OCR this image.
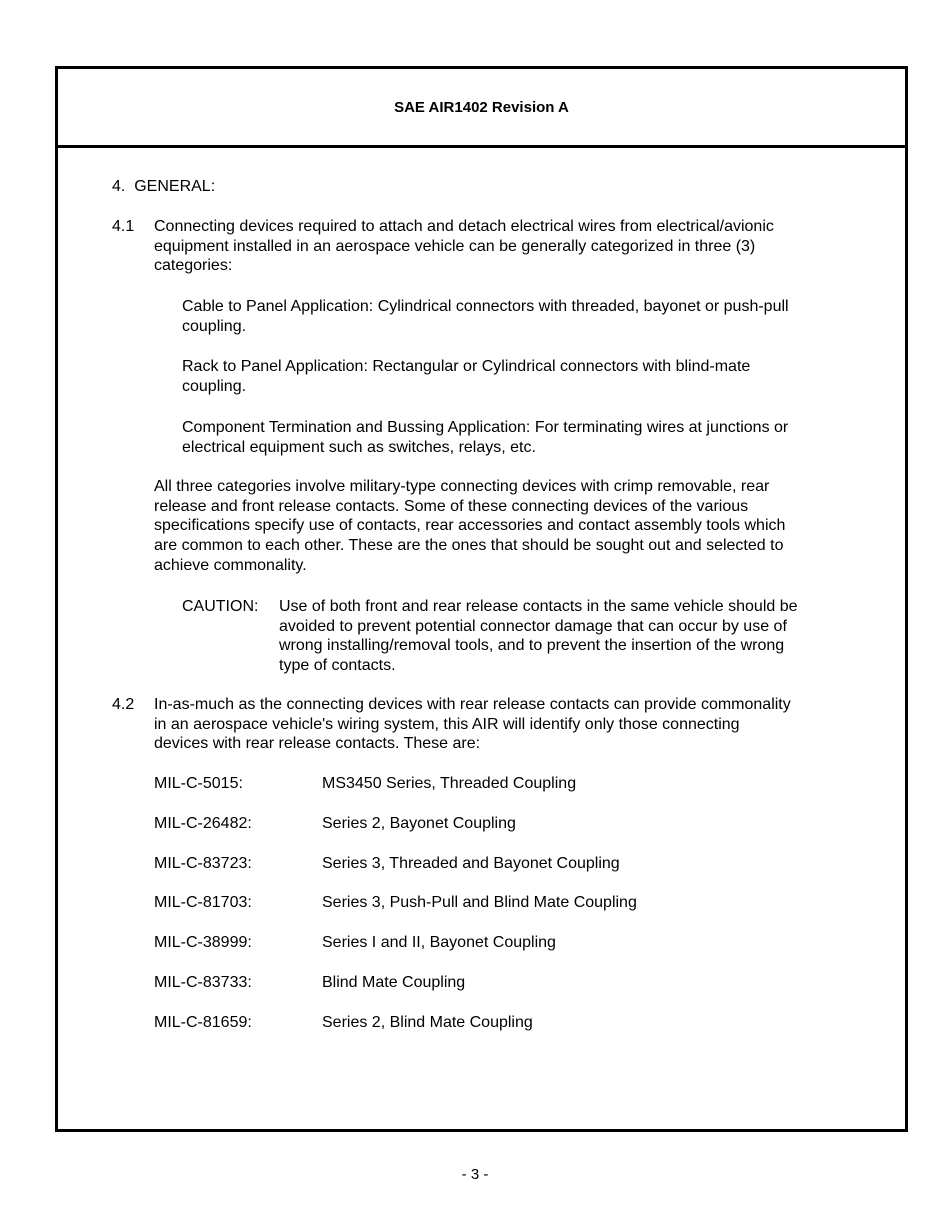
SAE AIR1402 Revision A
4. GENERAL:
4.1 Connecting devices required to attach and detach electrical wires from electrical/avionic
equipment installed in an aerospace vehicle can be generally categorized in three (3)
categories:
Cable to Panel Application: Cylindrical connectors with threaded, bayonet or push-pull
coupling.
Rack to Panel Application: Rectangular or Cylindrical connectors with blind-mate
coupling.
Component Termination and Bussing Application: For terminating wires at junctions or
electrical equipment such as switches, relays, etc.
All three categories involve military-type connecting devices with crimp removable, rear
release and front release contacts. Some of these connecting devices of the various
specifications specify use of contacts, rear accessories and contact assembly tools which
are common to each other. These are the ones that should be sought out and selected to
achieve commonality.
CAUTION: Use of both front and rear release contacts in the same vehicle should be
avoided to prevent potential connector damage that can occur by use of
wrong installing/removal tools, and to prevent the insertion of the wrong
type of contacts.
4.2 In-as-much as the connecting devices with rear release contacts can provide commonality
in an aerospace vehicle's wiring system, this AIR will identify only those connecting
devices with rear release contacts. These are:
MIL-C-5015:	MS3450 Series, Threaded Coupling
MIL-C-26482:	Series 2, Bayonet Coupling
MIL-C-83723:	Series 3, Threaded and Bayonet Coupling
MIL-C-81703:	Series 3, Push-Pull and Blind Mate Coupling
MIL-C-38999:	Series I and II, Bayonet Coupling
MIL-C-83733:	Blind Mate Coupling
MIL-C-81659:	Series 2, Blind Mate Coupling
- 3 -
